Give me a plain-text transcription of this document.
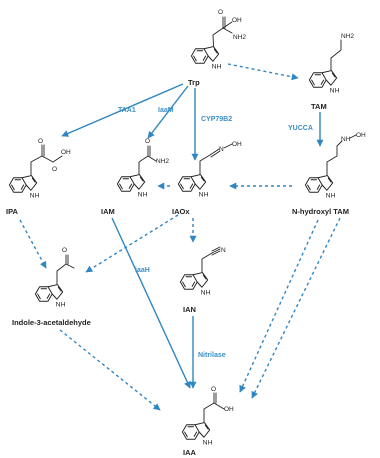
NH	O
OH
NH2
Trp
NH2
TAM
O
OH
O
IPA
O
NH2
IAM
N
OH
IAOx
NH
OH
N-hydroxyl TAM
N
IAN
O
Indole-3-acetaldehyde
O
OH
IAA
TAA1	IaaM
CYP79B2
YUCCA
iaaH
Nitrilase
